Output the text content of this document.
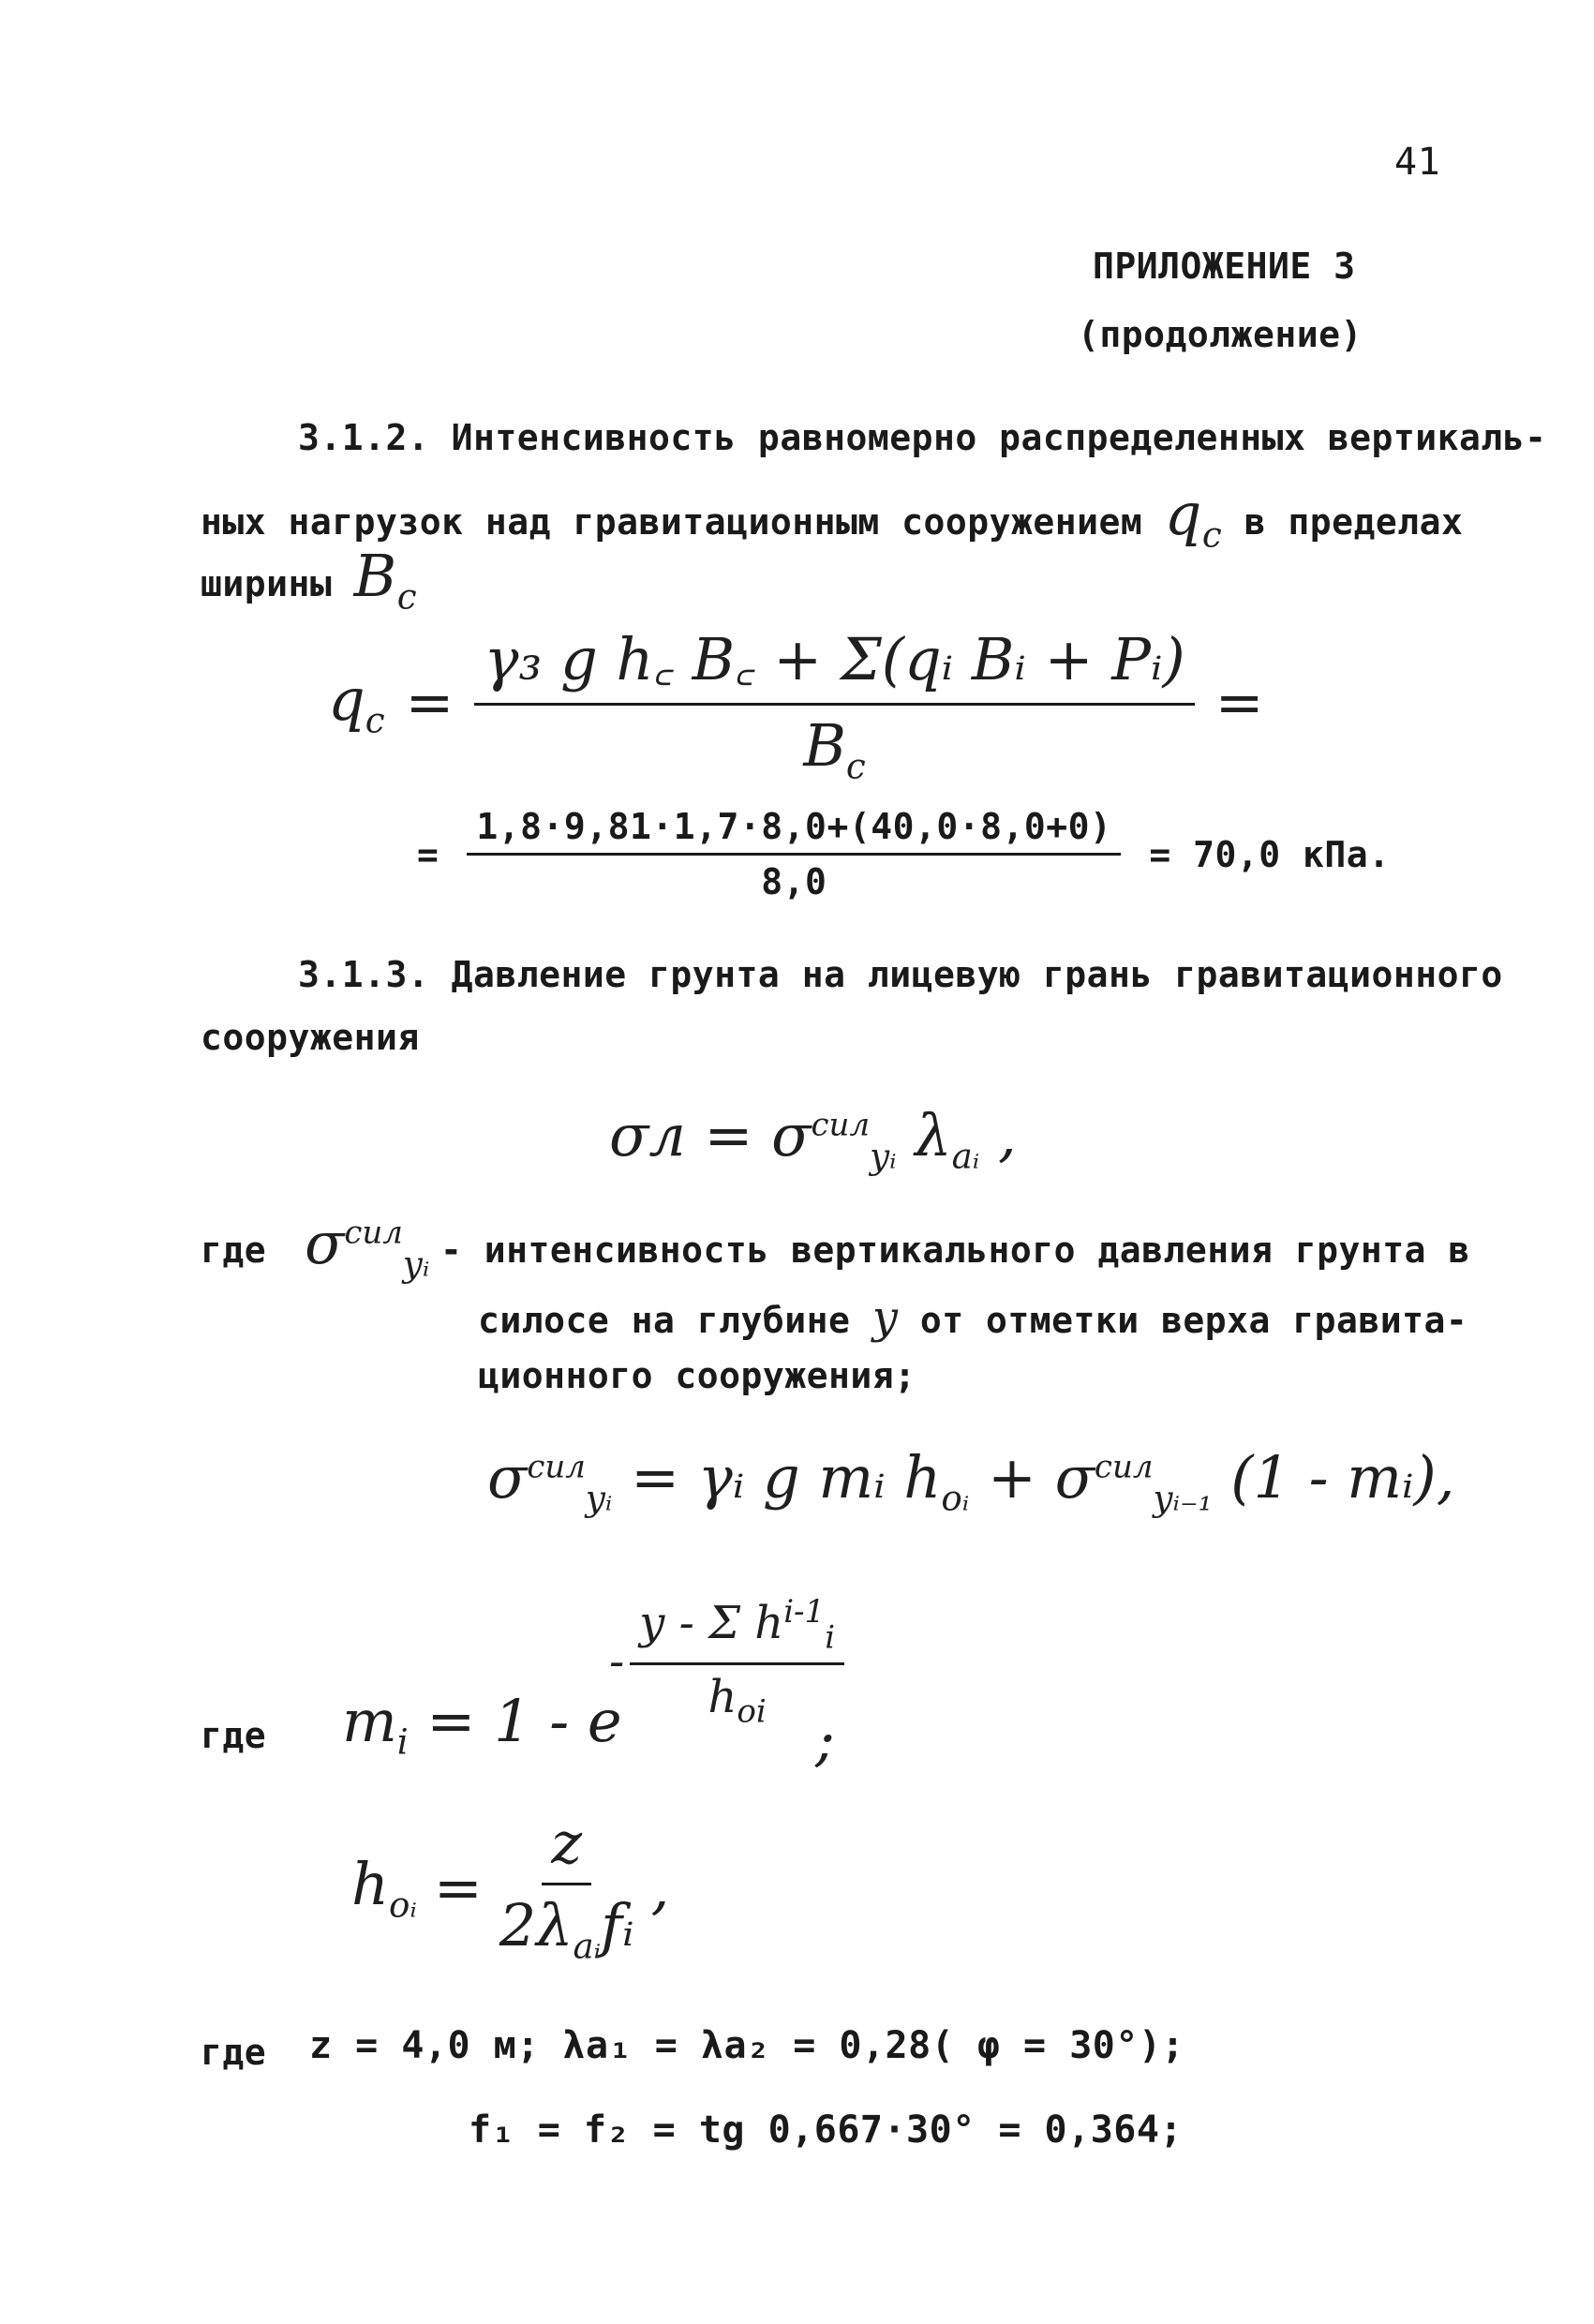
41
ПРИЛОЖЕНИЕ 3
(продолжение)
3.1.2. Интенсивность равномерно распределенных вертикаль-
ных нагрузок над гравитационным сооружением $q_c$ в пределах
ширины $B_c$
$q_c = \frac{\text{γ₃ g h꜀ B꜀ + Σ(qᵢ Bᵢ + Pᵢ)}}{B_c}$ =
= $\frac{1,8\cdot 9,81\cdot 1,7\cdot 8,0+(40,0\cdot 8,0+0)}{8,0} = 70,0$ кПа.
3.1.3. Давление грунта на лицевую грань гравитационного
сооружения
$\sigma л = \sigma^{сил}_{yᵢ}$ $\lambda_{aᵢ}$ ,
где $\sigma^{сил}_{yᵢ}$ - интенсивность вертикального давления грунта в
силосе на глубине y от отметки верха гравита-
ционного сооружения;
$\sigma^{сил}_{yᵢ}$ = γᵢ g mᵢ $h_{oᵢ} + \sigma^{сил}_{yᵢ_{-1}}$ (1 - mᵢ),
где $m_i = 1 - e$
- $\frac{y - \Sigma h^{i-1}_i}{h_{oi}}$
;
$h_{oᵢ} = \frac{z}{2\lambda_{aᵢ}fᵢ}$ ,
где z = 4,0 м; λa₁ = λa₂ = 0,28( φ = 30°);
f₁ = f₂ = tg 0,667·30° = 0,364;
